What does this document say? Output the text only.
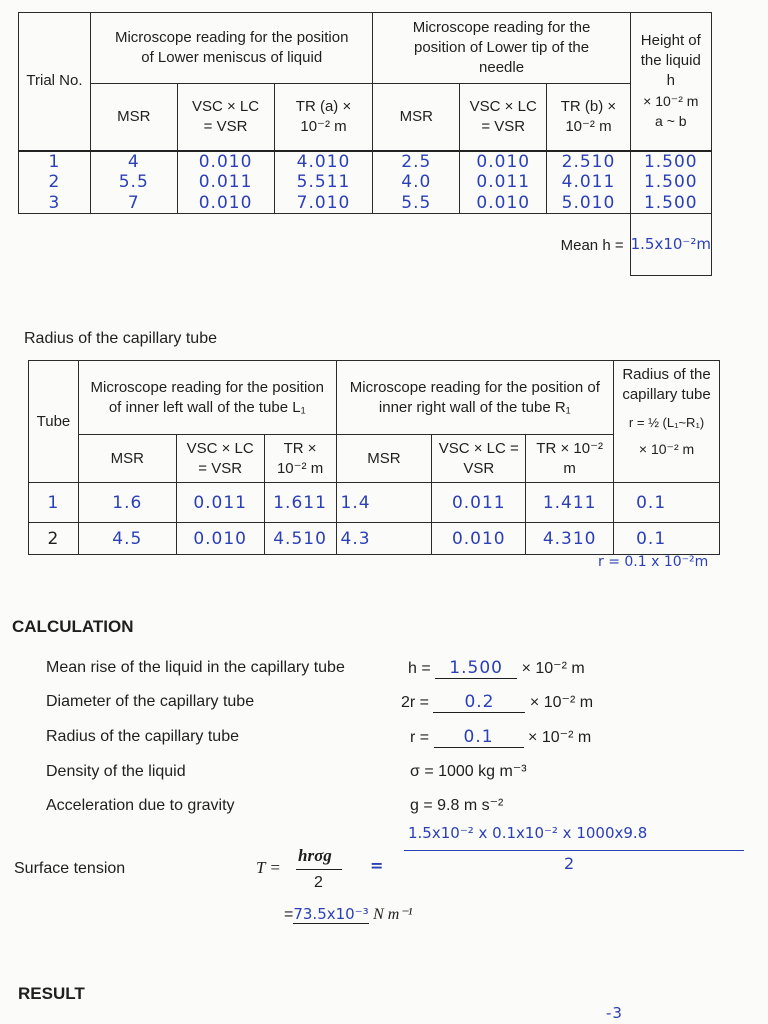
Trial No.	Microscope reading for the position of Lower meniscus of liquid			Microscope reading for the position of Lower tip of the needle			Height of the liquid h
× 10⁻² m
a ~ b

	MSR	VSC × LC = VSR	TR (a) × 10⁻² m	MSR	VSC × LC = VSR	TR (b) × 10⁻² m	
1	4	0.010	4.010	2.5	0.010	2.510	1.500
2	5.5	0.011	5.511	4.0	0.011	4.011	1.500
3	7	0.010	7.010	5.5	0.010	5.010	1.500
Mean h =							1.5x10⁻²m
Radius of the capillary tube
Tube	Microscope reading for the position of inner left wall of the tube L₁			Microscope reading for the position of inner right wall of the tube R₁			Radius of the capillary tube
r = ½ (L₁~R₁)
× 10⁻² m

	MSR	VSC × LC = VSR	TR × 10⁻² m	MSR	VSC × LC = VSR	TR × 10⁻² m	
1	1.6	0.011	1.611	1.4	0.011	1.411	0.1
2	4.5	0.010	4.510	4.3	0.010	4.310	0.1
r = 0.1 x 10⁻²m
CALCULATION
Mean rise of the liquid in the capillary tube	h = 1.500 × 10⁻² m
Diameter of the capillary tube	2r = 0.2 × 10⁻² m
Radius of the capillary tube	r = 0.1 × 10⁻² m
Density of the liquid	σ = 1000 kg m⁻³
Acceleration due to gravity	g = 9.8 m s⁻²
Surface tension	T =
hrσg
2
=
1.5x10⁻² x 0.1x10⁻² x 1000x9.8
2
=73.5x10⁻³ N m⁻¹
RESULT
-3
